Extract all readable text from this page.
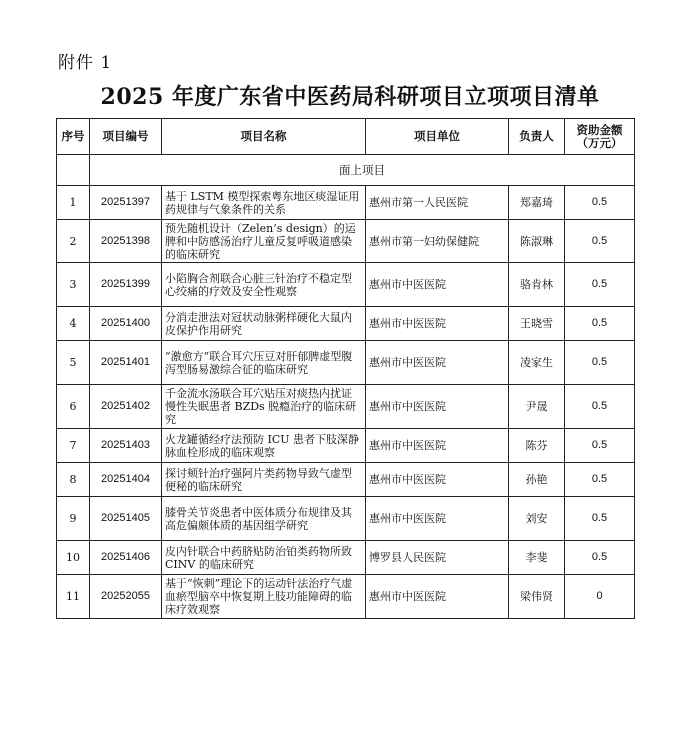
附件 1
2025 年度广东省中医药局科研项目立项项目清单
序号	项目编号	项目名称	项目单位	负责人	资助金额（万元）
	面上项目				
1	20251397	基于 LSTM 模型探索粤东地区痰湿证用药规律与气象条件的关系	惠州市第一人民医院	郑嘉琦	0.5
2	20251398	预先随机设计（Zelen’s design）的运脾和中防感汤治疗儿童反复呼吸道感染的临床研究	惠州市第一妇幼保健院	陈淑琳	0.5
3	20251399	小陷胸合剂联合心脏三针治疗不稳定型心绞痛的疗效及安全性观察	惠州市中医医院	骆肯林	0.5
4	20251400	分消走泄法对冠状动脉粥样硬化大鼠内皮保护作用研究	惠州市中医医院	王晓雪	0.5
5	20251401	“激愈方”联合耳穴压豆对肝郁脾虚型腹泻型肠易激综合征的临床研究	惠州市中医医院	凌家生	0.5
6	20251402	千金流水汤联合耳穴贴压对痰热内扰证慢性失眠患者 BZDs 脱瘾治疗的临床研究	惠州市中医医院	尹晟	0.5
7	20251403	火龙罐循经疗法预防 ICU 患者下肢深静脉血栓形成的临床观察	惠州市中医医院	陈芬	0.5
8	20251404	探讨颊针治疗强阿片类药物导致气虚型便秘的临床研究	惠州市中医医院	孙艳	0.5
9	20251405	膝骨关节炎患者中医体质分布规律及其高危偏颇体质的基因组学研究	惠州市中医医院	刘安	0.5
10	20251406	皮内针联合中药脐贴防治铂类药物所致 CINV 的临床研究	博罗县人民医院	李斐	0.5
11	20252055	基于“恢刺”理论下的运动针法治疗气虚血瘀型脑卒中恢复期上肢功能障碍的临床疗效观察	惠州市中医医院	梁伟贤	0
